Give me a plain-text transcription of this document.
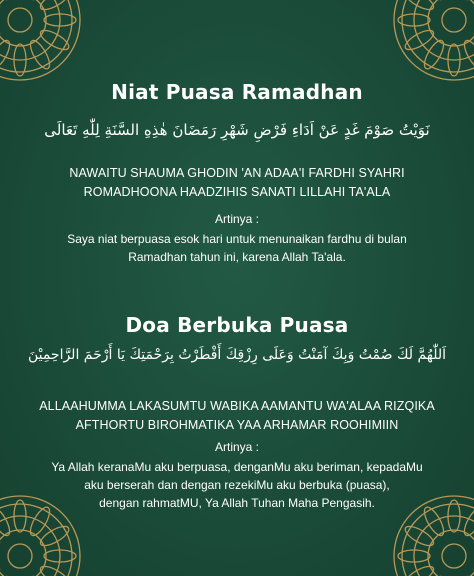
Niat Puasa Ramadhan
نَوَيْتُ صَوْمَ غَدٍ عَنْ اَدَاءِ فَرْضِ شَهْرِ رَمَضَانَ هٰذِهِ السَّنَةِ لِلّٰهِ تَعَالَى
NAWAITU SHAUMA GHODIN 'AN ADAA'I FARDHI SYAHRI
ROMADHOONA HAADZIHIS SANATI LILLAHI TA'ALA
Artinya :
Saya niat berpuasa esok hari untuk menunaikan fardhu di bulan
Ramadhan tahun ini, karena Allah Ta'ala.
Doa Berbuka Puasa
اَللّٰهُمَّ لَكَ صُمْتُ وَبِكَ آمَنْتُ وَعَلَى رِزْقِكَ أَفْطَرْتُ بِرَحْمَتِكَ يَا أَرْحَمَ الرَّاحِمِيْنَ
ALLAAHUMMA LAKASUMTU WABIKA AAMANTU WA'ALAA RIZQIKA
AFTHORTU BIROHMATIKA YAA ARHAMAR ROOHIMIIN
Artinya :
Ya Allah keranaMu aku berpuasa, denganMu aku beriman, kepadaMu
aku berserah dan dengan rezekiMu aku berbuka (puasa),
dengan rahmatMU, Ya Allah Tuhan Maha Pengasih.
